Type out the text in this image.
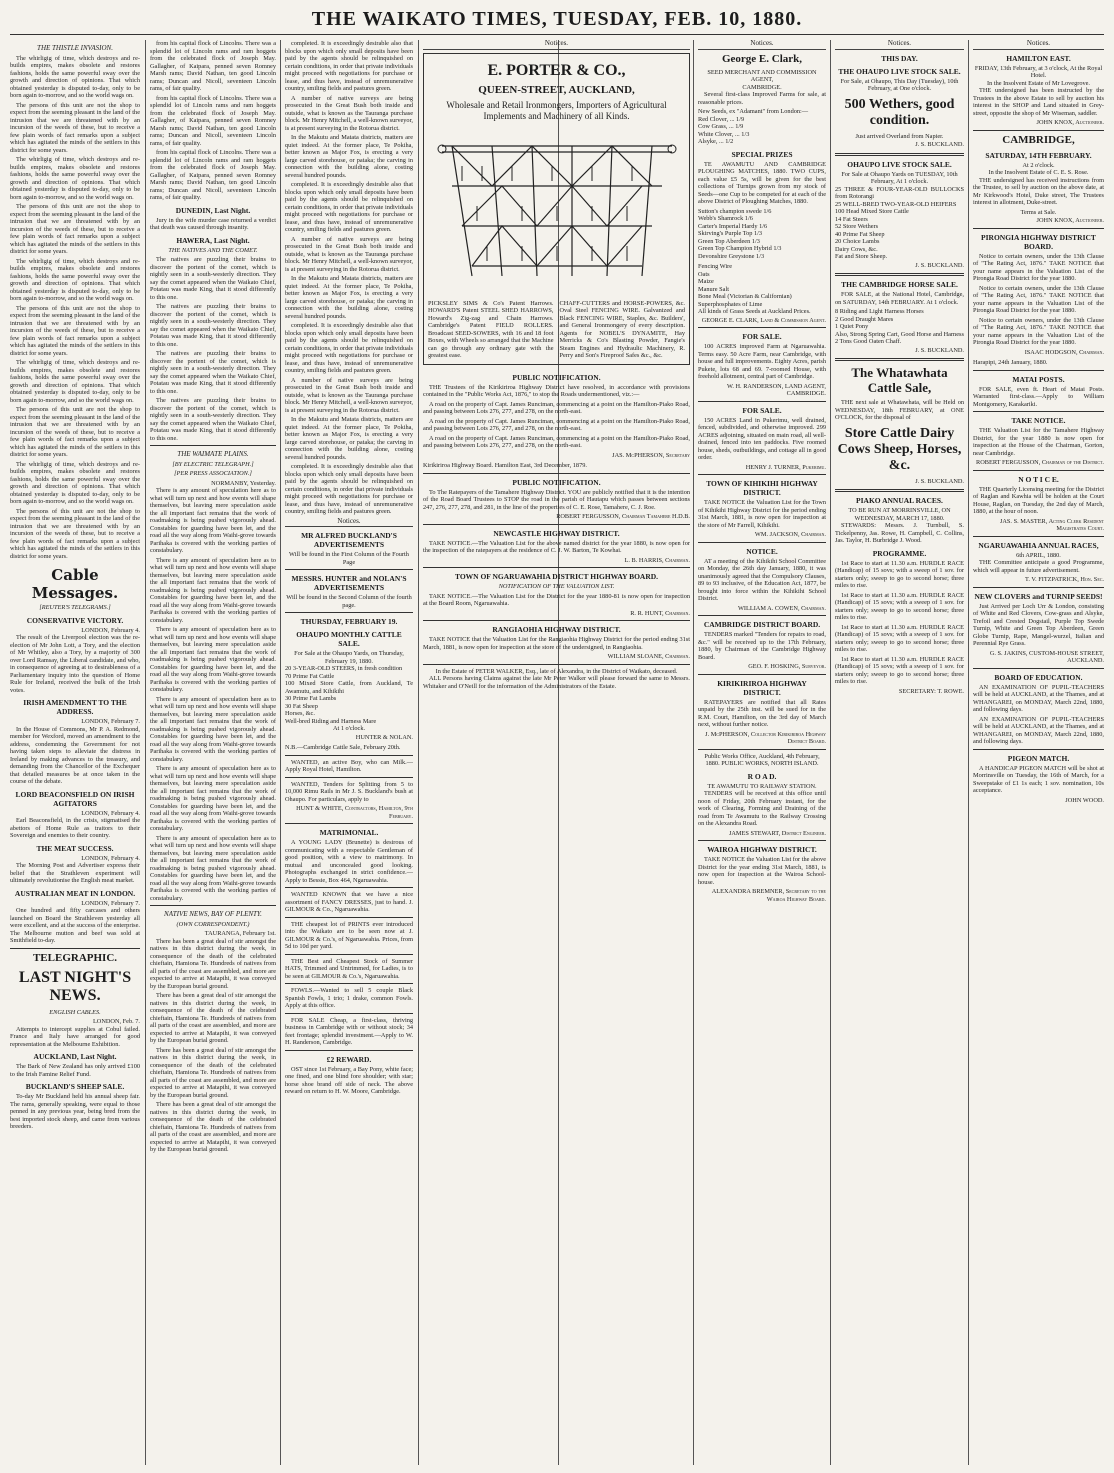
THE WAIKATO TIMES, TUESDAY, FEB. 10, 1880.
THE THISTLE INVASION.

The whirligig of time, which destroys and re-builds empires, makes obsolete and restores fashions, holds the same powerful sway over the growth and direction of opinions. That which obtained yesterday is disputed to-day, only to be born again to-morrow, and so the world wags on.

The persons of this unit are not the shop to expect from the seeming pleasant in the land of the intrusion that we are threatened with by an incursion of the weeds of these, but to receive a few plain words of fact remarks upon a subject which has agitated the minds of the settlers in this district for some years.

The whirligig of time, which destroys and re-builds empires, makes obsolete and restores fashions, holds the same powerful sway over the growth and direction of opinions. That which obtained yesterday is disputed to-day, only to be born again to-morrow, and so the world wags on.

The persons of this unit are not the shop to expect from the seeming pleasant in the land of the intrusion that we are threatened with by an incursion of the weeds of these, but to receive a few plain words of fact remarks upon a subject which has agitated the minds of the settlers in this district for some years.

The whirligig of time, which destroys and re-builds empires, makes obsolete and restores fashions, holds the same powerful sway over the growth and direction of opinions. That which obtained yesterday is disputed to-day, only to be born again to-morrow, and so the world wags on.

The persons of this unit are not the shop to expect from the seeming pleasant in the land of the intrusion that we are threatened with by an incursion of the weeds of these, but to receive a few plain words of fact remarks upon a subject which has agitated the minds of the settlers in this district for some years.

The whirligig of time, which destroys and re-builds empires, makes obsolete and restores fashions, holds the same powerful sway over the growth and direction of opinions. That which obtained yesterday is disputed to-day, only to be born again to-morrow, and so the world wags on.

The persons of this unit are not the shop to expect from the seeming pleasant in the land of the intrusion that we are threatened with by an incursion of the weeds of these, but to receive a few plain words of fact remarks upon a subject which has agitated the minds of the settlers in this district for some years.

The whirligig of time, which destroys and re-builds empires, makes obsolete and restores fashions, holds the same powerful sway over the growth and direction of opinions. That which obtained yesterday is disputed to-day, only to be born again to-morrow, and so the world wags on.

The persons of this unit are not the shop to expect from the seeming pleasant in the land of the intrusion that we are threatened with by an incursion of the weeds of these, but to receive a few plain words of fact remarks upon a subject which has agitated the minds of the settlers in this district for some years.

Cable Messages.
[REUTER'S TELEGRAMS.]
CONSERVATIVE VICTORY.
LONDON, February 4.

The result of the Liverpool election was the re-election of Mr John Lott, a Tory, and the election of Mr Whitley, also a Tory, by a majority of 300 over Lord Ramsay, the Liberal candidate, and who, in consequence of agreeing at to desirableness of a Parliamentary inquiry into the question of Home Rule for Ireland, received the bulk of the Irish votes.

IRISH AMENDMENT TO THE ADDRESS.
LONDON, February 7.

In the House of Commons, Mr P. A. Redmond, member for Wexford, moved an amendment to the address, condemning the Government for not having taken steps to alleviate the distress in Ireland by making advances to the treasury, and demanding from the Chancellor of the Exchequer that detailed measures be at once taken in the course of the debate.

LORD BEACONSFIELD ON IRISH AGITATORS
LONDON, February 4.

Earl Beaconsfield, in the crisis, stigmatised the abettors of Home Rule as traitors to their Sovereign and enemies to their country.

THE MEAT SUCCESS.
LONDON, February 4.

The Morning Post and Advertiser express their belief that the Strathleven experiment will ultimately revolutionise the English meat market.

AUSTRALIAN MEAT IN LONDON.
LONDON, February 7.

One hundred and fifty carcases and others launched on Board the Strathleven yesterday all were excellent, and at the success of the enterprise. The Melbourne mutton and beef was sold at Smithfield to-day.

TELEGRAPHIC.
LAST NIGHT'S NEWS.
ENGLISH CABLES.
LONDON, Feb. 7.

Attempts to intercept supplies at Cobul failed. France and Italy have arranged for good representation at the Melbourne Exhibition.

AUCKLAND, Last Night.

The Bark of New Zealand has only arrived £100 to the Irish Famine Relief Fund.

BUCKLAND'S SHEEP SALE.

To-day Mr Buckland held his annual sheep fair. The rams, generally speaking, were equal to those penned in any previous year, being bred from the best imported stock sheep, and came from various breeders.

from his capital flock of Lincolns. There was a splendid lot of Lincoln rams and ram hoggets from the celebrated flock of Joseph May. Gallagher, of Kaipara, penned seven Romney Marsh rams; David Nathan, ten good Lincoln rams; Duncan and Nicoll, seventeen Lincoln rams, of fair quality.

from his capital flock of Lincolns. There was a splendid lot of Lincoln rams and ram hoggets from the celebrated flock of Joseph May. Gallagher, of Kaipara, penned seven Romney Marsh rams; David Nathan, ten good Lincoln rams; Duncan and Nicoll, seventeen Lincoln rams, of fair quality.

from his capital flock of Lincolns. There was a splendid lot of Lincoln rams and ram hoggets from the celebrated flock of Joseph May. Gallagher, of Kaipara, penned seven Romney Marsh rams; David Nathan, ten good Lincoln rams; Duncan and Nicoll, seventeen Lincoln rams, of fair quality.

DUNEDIN, Last Night.

Jury in the wife murder case returned a verdict that death was caused through insanity.

HAWERA, Last Night.
THE NATIVES AND THE COMET.

The natives are puzzling their brains to discover the portent of the comet, which is nightly seen in a south-westerly direction. They say the comet appeared when the Waikato Chief, Potatau was made King, that it stood differently to this one.

The natives are puzzling their brains to discover the portent of the comet, which is nightly seen in a south-westerly direction. They say the comet appeared when the Waikato Chief, Potatau was made King, that it stood differently to this one.

The natives are puzzling their brains to discover the portent of the comet, which is nightly seen in a south-westerly direction. They say the comet appeared when the Waikato Chief, Potatau was made King, that it stood differently to this one.

The natives are puzzling their brains to discover the portent of the comet, which is nightly seen in a south-westerly direction. They say the comet appeared when the Waikato Chief, Potatau was made King, that it stood differently to this one.

THE WAIMATE PLAINS.
[BY ELECTRIC TELEGRAPH.]
[PER PRESS ASSOCIATION.]
NORMANBY, Yesterday.

There is any amount of speculation here as to what will turn up next and how events will shape themselves, but leaving mere speculation aside the all important fact remains that the work of roadmaking is being pushed vigorously ahead. Constables for guarding have been let, and the road all the way along from Waihi-grove towards Parihaka is covered with the working parties of constabulary.

There is any amount of speculation here as to what will turn up next and how events will shape themselves, but leaving mere speculation aside the all important fact remains that the work of roadmaking is being pushed vigorously ahead. Constables for guarding have been let, and the road all the way along from Waihi-grove towards Parihaka is covered with the working parties of constabulary.

There is any amount of speculation here as to what will turn up next and how events will shape themselves, but leaving mere speculation aside the all important fact remains that the work of roadmaking is being pushed vigorously ahead. Constables for guarding have been let, and the road all the way along from Waihi-grove towards Parihaka is covered with the working parties of constabulary.

There is any amount of speculation here as to what will turn up next and how events will shape themselves, but leaving mere speculation aside the all important fact remains that the work of roadmaking is being pushed vigorously ahead. Constables for guarding have been let, and the road all the way along from Waihi-grove towards Parihaka is covered with the working parties of constabulary.

There is any amount of speculation here as to what will turn up next and how events will shape themselves, but leaving mere speculation aside the all important fact remains that the work of roadmaking is being pushed vigorously ahead. Constables for guarding have been let, and the road all the way along from Waihi-grove towards Parihaka is covered with the working parties of constabulary.

There is any amount of speculation here as to what will turn up next and how events will shape themselves, but leaving mere speculation aside the all important fact remains that the work of roadmaking is being pushed vigorously ahead. Constables for guarding have been let, and the road all the way along from Waihi-grove towards Parihaka is covered with the working parties of constabulary.

NATIVE NEWS, BAY OF PLENTY.
(OWN CORRESPONDENT.)
TAURANGA, February 1st.

There has been a great deal of stir amongst the natives in this district during the week, in consequence of the death of the celebrated chieftain, Hamiona Te. Hundreds of natives from all parts of the coast are assembled, and more are expected to arrive at Matapihi, it was conveyed by the European burial ground.

There has been a great deal of stir amongst the natives in this district during the week, in consequence of the death of the celebrated chieftain, Hamiona Te. Hundreds of natives from all parts of the coast are assembled, and more are expected to arrive at Matapihi, it was conveyed by the European burial ground.

There has been a great deal of stir amongst the natives in this district during the week, in consequence of the death of the celebrated chieftain, Hamiona Te. Hundreds of natives from all parts of the coast are assembled, and more are expected to arrive at Matapihi, it was conveyed by the European burial ground.

There has been a great deal of stir amongst the natives in this district during the week, in consequence of the death of the celebrated chieftain, Hamiona Te. Hundreds of natives from all parts of the coast are assembled, and more are expected to arrive at Matapihi, it was conveyed by the European burial ground.

completed. It is exceedingly desirable also that blocks upon which only small deposits have been paid by the agents should be relinquished on certain conditions, in order that private individuals might proceed with negotiations for purchase or lease, and thus have, instead of unremunerative country, smiling fields and pastures green.

A number of native surveys are being prosecuted in the Great Bush both inside and outside, what is known as the Tauranga purchase block. Mr Henry Mitchell, a well-known surveyor, is at present surveying in the Rotorua district.

In the Makutu and Matata districts, matters are quiet indeed. At the former place, Te Pokiha, better known as Major Fox, is erecting a very large carved storehouse, or pataka; the carving in connection with the building alone, costing several hundred pounds.

completed. It is exceedingly desirable also that blocks upon which only small deposits have been paid by the agents should be relinquished on certain conditions, in order that private individuals might proceed with negotiations for purchase or lease, and thus have, instead of unremunerative country, smiling fields and pastures green.

A number of native surveys are being prosecuted in the Great Bush both inside and outside, what is known as the Tauranga purchase block. Mr Henry Mitchell, a well-known surveyor, is at present surveying in the Rotorua district.

In the Makutu and Matata districts, matters are quiet indeed. At the former place, Te Pokiha, better known as Major Fox, is erecting a very large carved storehouse, or pataka; the carving in connection with the building alone, costing several hundred pounds.

completed. It is exceedingly desirable also that blocks upon which only small deposits have been paid by the agents should be relinquished on certain conditions, in order that private individuals might proceed with negotiations for purchase or lease, and thus have, instead of unremunerative country, smiling fields and pastures green.

A number of native surveys are being prosecuted in the Great Bush both inside and outside, what is known as the Tauranga purchase block. Mr Henry Mitchell, a well-known surveyor, is at present surveying in the Rotorua district.

In the Makutu and Matata districts, matters are quiet indeed. At the former place, Te Pokiha, better known as Major Fox, is erecting a very large carved storehouse, or pataka; the carving in connection with the building alone, costing several hundred pounds.

completed. It is exceedingly desirable also that blocks upon which only small deposits have been paid by the agents should be relinquished on certain conditions, in order that private individuals might proceed with negotiations for purchase or lease, and thus have, instead of unremunerative country, smiling fields and pastures green.

Notices.
MR ALFRED BUCKLAND'S ADVERTISEMENTS
Will be found in the First Column of the Fourth Page
MESSRS. HUNTER and NOLAN'S ADVERTISEMENTS
Will be found in the Second Column of the fourth page.
THURSDAY, FEBRUARY 19.
OHAUPO MONTHLY CATTLE SALE.
For Sale at the Ohaupo Yards, on Thursday, February 19, 1880.
20 3-YEAR-OLD STEERS, in fresh condition
70 Prime Fat Cattle
100 Mixed Store Cattle, from Auckland, Te Awamutu, and Kihikihi
30 Prime Fat Lambs
30 Fat Sheep
Horses, &c.
Well-bred Riding and Harness Mare
At 1 o'clock.
HUNTER & NOLAN.
N.B.—Cambridge Cattle Sale, February 20th.

WANTED, an active Boy, who can Milk.—Apply Royal Hotel, Hamilton.

WANTED, Tenders for Splitting from 5 to 10,000 Rimu Rails in Mr J. S. Buckland's bush at Ohaupo. For particulars, apply to

HUNT & WHITE, Contractors, Hamilton, 9th February.
MATRIMONIAL.

A YOUNG LADY (Brunette) is desirous of communicating with a respectable Gentleman of good position, with a view to matrimony. In mutual and unconcealed good looking. Photographs exchanged in strict confidence.—Apply to Bessie, Box 464, Ngaruawahia.

WANTED KNOWN that we have a nice assortment of FANCY DRESSES, just to hand. J. GILMOUR & Co., Ngaruawahia.

THE cheapest lot of PRINTS ever introduced into the Waikato are to be seen now at J. GILMOUR & Co.'s, of Ngaruawahia. Prices, from 5d to 10d per yard.

THE Best and Cheapest Stock of Summer HATS, Trimmed and Untrimmed, for Ladies, is to be seen at GILMOUR & Co.'s, Ngaruawahia.

FOWLS.—Wanted to sell 5 couple Black Spanish Fowls, 1 trio; 1 drake, common Fowls. Apply at this office.

FOR SALE Cheap, a first-class, thriving business in Cambridge with or without stock; 34 feet frontage; splendid investment.—Apply to W. H. Randerson, Cambridge.

£2 REWARD.

OST since 1st February, a Bay Pony, white face; one fined, and one blind fore shoulder; with star; horse shoe brand off side of neck. The above reward on return to H. W. Moore, Cambridge.

Notices.
E. PORTER & CO.,
QUEEN-STREET, AUCKLAND,
Wholesale and Retail Ironmongers, Importers of Agricultural Implements and Machinery of all Kinds.
PICKSLEY SIMS & Co's Patent Harrows. HOWARD'S Patent STEEL SHED HARROWS, Howard's Zig-zag and Chain Harrows. Cambridge's Patent FIELD ROLLERS. Broadcast SEED-SOWERS, with 16 and 18 foot Boxes, with Wheels so arranged that the Machine can go through any ordinary gate with the greatest ease.
CHAFF-CUTTERS and HORSE-POWERS, &c. Oval Steel FENCING WIRE. Galvanized and Black FENCING WIRE, Staples, &c. Builders', and General Ironmongery of every description. Agents for NOBEL'S DYNAMITE, Hay Merricks & Co's Blasting Powder, Fangie's Steam Engines and Hydraulic Machinery, R. Perry and Son's Fireproof Safes &c., &c.
PUBLIC NOTIFICATION.

THE Trustees of the Kirikiriroa Highway District have resolved, in accordance with provisions contained in the "Public Works Act, 1876," to stop the Roads undermentioned, viz.:—

A road on the property of Capt. James Runciman, commencing at a point on the Hamilton-Piako Road, and passing between Lots 276, 277, and 278, on the north-east.

A road on the property of Capt. James Runciman, commencing at a point on the Hamilton-Piako Road, and passing between Lots 276, 277, and 278, on the north-east.

A road on the property of Capt. James Runciman, commencing at a point on the Hamilton-Piako Road, and passing between Lots 276, 277, and 278, on the north-east.

JAS. McPHERSON, Secretary
Kirikiriroa Highway Board. Hamilton East, 3rd December, 1879.
PUBLIC NOTIFICATION.

To The Ratepayers of the Tamahere Highway District. YOU are publicly notified that it is the intention of the Road Board Trustees to STOP the road in the parish of Hautapu which passes between sections 247, 276, 277, 278, and 281, in the line of the properties of C. E. Rose, Tamahere, C. J. Roe.

ROBERT FERGUSSON, Chairman Tamahere H.D.B.
NEWCASTLE HIGHWAY DISTRICT.

TAKE NOTICE.—The Valuation List for the above named district for the year 1880, is now open for the inspection of the ratepayers at the residence of C. J. W. Barton, Te Kowhai.

L. B. HARRIS, Chairman.
TOWN OF NGARUAWAHIA DISTRICT HIGHWAY BOARD.
NOTIFICATION OF THE VALUATION LIST.

TAKE NOTICE.—The Valuation List for the District for the year 1880-81 is now open for inspection at the Board Room, Ngaruawahia.

R. R. HUNT, Chairman.
RANGIAOHIA HIGHWAY DISTRICT.

TAKE NOTICE that the Valuation List for the Rangiaohia Highway District for the period ending 31st March, 1881, is now open for inspection at the store of the undersigned, in Rangiaohia.

WILLIAM SLOANE, Chairman.
In the Estate of PETER WALKER, Esq., late of Alexandra, in the District of Waikato, deceased.

ALL Persons having Claims against the late Mr Peter Walker will please forward the same to Messrs. Whitaker and O'Neill for the information of the Administrators of the Estate.

Notices.
George E. Clark,
SEED MERCHANT AND COMMISSION AGENT,
CAMBRIDGE.

Several first-class Improved Farms for sale, at reasonable prices.

New Seeds, ex "Adamant" from London:—
Red Clover, ... 1/9
Cow Grass, ... 1/9
White Clover, ... 1/3
Alsyke, ... 1/2
SPECIAL PRIZES

TE AWAMUTU AND CAMBRIDGE PLOUGHING MATCHES, 1880. TWO CUPS, each value £5 5s, will be given for the best collections of Turnips grown from my stock of Seeds—one Cup to be competed for at each of the above District of Ploughing Matches, 1880.

Sutton's champion swede 1/6
Webb's Shamrock 1/6
Carter's Imperial Hardy 1/6
Skirving's Purple Top 1/3
Green Top Aberdeen 1/3
Green Top Champion Hybrid 1/3
Devonshire Greystone 1/3
Fencing Wire
Oats
Maize
Manure Salt
Bone Meal (Victorian & Californian)
Superphosphates of Lime
All kinds of Grass Seeds at Auckland Prices.
GEORGE E. CLARK, Land & Commission Agent.
FOR SALE.

100 ACRES improved Farm at Ngaruawahia. Terms easy. 50 Acre Farm, near Cambridge, with house and full improvements. Eighty Acres, parish Pukete, lots 68 and 69. 7-roomed House, with freehold allotment, central part of Cambridge.

W. H. RANDERSON, LAND AGENT, CAMBRIDGE.
FOR SALE.

150 ACRES Land in Pukerimu, well drained, fenced, subdivided, and otherwise improved. 299 ACRES adjoining, situated on main road, all well-drained, fenced into ten paddocks. Five roomed house, sheds, outbuildings, and cottage all in good order.

HENRY J. TURNER, Pukerimu.
TOWN OF KIHIKIHI HIGHWAY DISTRICT.

TAKE NOTICE the Valuation List for the Town of Kihikihi Highway District for the period ending 31st March, 1881, is now open for inspection at the store of Mr Farrell, Kihikihi.

WM. JACKSON, Chairman.
NOTICE.

AT a meeting of the Kihikihi School Committee on Monday, the 26th day January, 1880, it was unanimously agreed that the Compulsory Clauses, 89 to 93 inclusive, of the Education Act, 1877, be brought into force within the Kihikihi School District.

WILLIAM A. COWEN, Chairman.
CAMBRIDGE DISTRICT BOARD.

TENDERS marked "Tenders for repairs to road, &c." will be received up to the 17th February, 1880, by Chairman of the Cambridge Highway Board.

GEO. F. HOSKING, Surveyor.
KIRIKIRIROA HIGHWAY DISTRICT.

RATEPAYERS are notified that all Rates unpaid by the 25th inst. will be sued for in the R.M. Court, Hamilton, on the 3rd day of March next, without further notice.

J. McPHERSON, Collector Kirikiriroa Highway District Board.
Public Works Office, Auckland, 4th February, 1880. PUBLIC WORKS, NORTH ISLAND.
R O A D.
TE AWAMUTU TO RAILWAY STATION.

TENDERS will be received at this office until noon of Friday, 20th February instant, for the work of Clearing, Forming and Draining of the road from Te Awamutu to the Railway Crossing on the Alexandra Road.

JAMES STEWART, District Engineer.
WAIROA HIGHWAY DISTRICT.

TAKE NOTICE the Valuation List for the above District for the year ending 31st March, 1881, is now open for inspection at the Wairoa School-house.

ALEXANDRA BREMNER, Secretary to the Wairoa Highway Board.
Notices.
THIS DAY.
THE OHAUPO LIVE STOCK SALE.
For Sale, at Ohaupo, This Day (Tuesday), 10th February, at One o'clock.
500 Wethers, good condition.
Just arrived Overland from Napier.
J. S. BUCKLAND.
OHAUPO LIVE STOCK SALE.
For Sale at Ohaupo Yards on TUESDAY, 10th February, At 1 o'clock.
25 THREE & FOUR-YEAR-OLD BULLOCKS from Rotorangi
25 WELL-BRED TWO-YEAR-OLD HEIFERS
100 Head Mixed Store Cattle
14 Fat Steers
52 Store Wethers
40 Prime Fat Sheep
20 Choice Lambs
Dairy Cows, &c.
Fat and Store Sheep.
J. S. BUCKLAND.
THE CAMBRIDGE HORSE SALE.

FOR SALE, at the National Hotel, Cambridge, on SATURDAY, 14th FEBRUARY. At 1 o'clock.

8 Riding and Light Harness Horses
2 Good Draught Mares
1 Quiet Pony
Also, Strong Spring Cart, Good Horse and Harness
2 Tons Good Oaten Chaff.
J. S. BUCKLAND.
The Whatawhata Cattle Sale,

THE next sale at Whatawhata, will be Held on WEDNESDAY, 18th FEBRUARY, at ONE O'CLOCK, for the disposal of

Store Cattle Dairy Cows Sheep, Horses, &c.
J. S. BUCKLAND.
PIAKO ANNUAL RACES.
TO BE RUN AT MORRINSVILLE, ON WEDNESDAY, MARCH 17, 1880.

STEWARDS: Messrs. J. Turnbull, S. Tickelpenny, Jas. Rowe, H. Campbell, C. Collins, Jas. Taylor, H. Burbridge J. Wood.

PROGRAMME.

1st Race to start at 11.30 a.m. HURDLE RACE (Handicap) of 15 sovs; with a sweep of 1 sov. for starters only; sweep to go to second horse; three miles to rise.

1st Race to start at 11.30 a.m. HURDLE RACE (Handicap) of 15 sovs; with a sweep of 1 sov. for starters only; sweep to go to second horse; three miles to rise.

1st Race to start at 11.30 a.m. HURDLE RACE (Handicap) of 15 sovs; with a sweep of 1 sov. for starters only; sweep to go to second horse; three miles to rise.

1st Race to start at 11.30 a.m. HURDLE RACE (Handicap) of 15 sovs; with a sweep of 1 sov. for starters only; sweep to go to second horse; three miles to rise.

SECRETARY: T. ROWE.
Notices.
HAMILTON EAST.
FRIDAY, 13th February, at 3 o'clock, At the Royal Hotel.
In the Insolvent Estate of Mr Lovegrove.

THE undersigned has been instructed by the Trustees in the above Estate to sell by auction his interest in the SHOP and Land situated in Grey-street, opposite the shop of Mr Wiseman, saddler.

JOHN KNOX, Auctioneer.
CAMBRIDGE,
SATURDAY, 14TH FEBRUARY.
At 2 o'clock.
In the Insolvent Estate of C. E. S. Rose.

THE undersigned has received instructions from the Trustee, to sell by auction on the above date, at Mr Kirkwood's Hotel, Duke street, The Trustees interest in allotment, Duke-street.

Terms at Sale.
JOHN KNOX, Auctioneer.
PIRONGIA HIGHWAY DISTRICT BOARD.

Notice to certain owners, under the 13th Clause of "The Rating Act, 1876." TAKE NOTICE that your name appears in the Valuation List of the Pirongia Road District for the year 1880.

Notice to certain owners, under the 13th Clause of "The Rating Act, 1876." TAKE NOTICE that your name appears in the Valuation List of the Pirongia Road District for the year 1880.

Notice to certain owners, under the 13th Clause of "The Rating Act, 1876." TAKE NOTICE that your name appears in the Valuation List of the Pirongia Road District for the year 1880.

ISAAC HODGSON, Chairman.
Harapipi, 24th January, 1880.
MATAI POSTS.

FOR SALE, even ft. Heart of Matai Posts. Warranted first-class.—Apply to William Montgomery, Karakariki.

TAKE NOTICE.

THE Valuation List for the Tamahere Highway District, for the year 1880 is now open for inspection at the House of the Chairman, Gorton, near Cambridge.

ROBERT FERGUSSON, Chairman of the District.
N O T I C E.

THE Quarterly Licensing meeting for the District of Raglan and Kawhia will be holden at the Court House, Raglan, on Tuesday, the 2nd day of March, 1880, at the hour of noon.

JAS. S. MASTER, Acting Clerk Resident Magistrates Court.
NGARUAWAHIA ANNUAL RACES,
6th APRIL, 1880.

THE Committee anticipate a good Programme, which will appear in future advertisement.

T. V. FITZPATRICK, Hon. Sec.
NEW CLOVERS and TURNIP SEEDS!

Just Arrived per Loch Urr & London, consisting of White and Red Clovers, Cow-grass and Alsyke, Trefoil and Crested Dogstail, Purple Top Swede Turnip, White and Green Top Aberdeen, Green Globe Turnip, Rape, Mangel-wurzel, Italian and Perennial Rye Grass.

G. S. JAKINS, CUSTOM-HOUSE STREET, AUCKLAND.
BOARD OF EDUCATION.

AN EXAMINATION OF PUPIL-TEACHERS will be held at AUCKLAND, at the Thames, and at WHANGAREI, on MONDAY, March 22nd, 1880, and following days.

AN EXAMINATION OF PUPIL-TEACHERS will be held at AUCKLAND, at the Thames, and at WHANGAREI, on MONDAY, March 22nd, 1880, and following days.

PIGEON MATCH.

A HANDICAP PIGEON MATCH will be shot at Morrinsville on Tuesday, the 16th of March, for a Sweepstake of £1 1s each; 1 sov. nomination, 10s acceptance.

JOHN WOOD.
